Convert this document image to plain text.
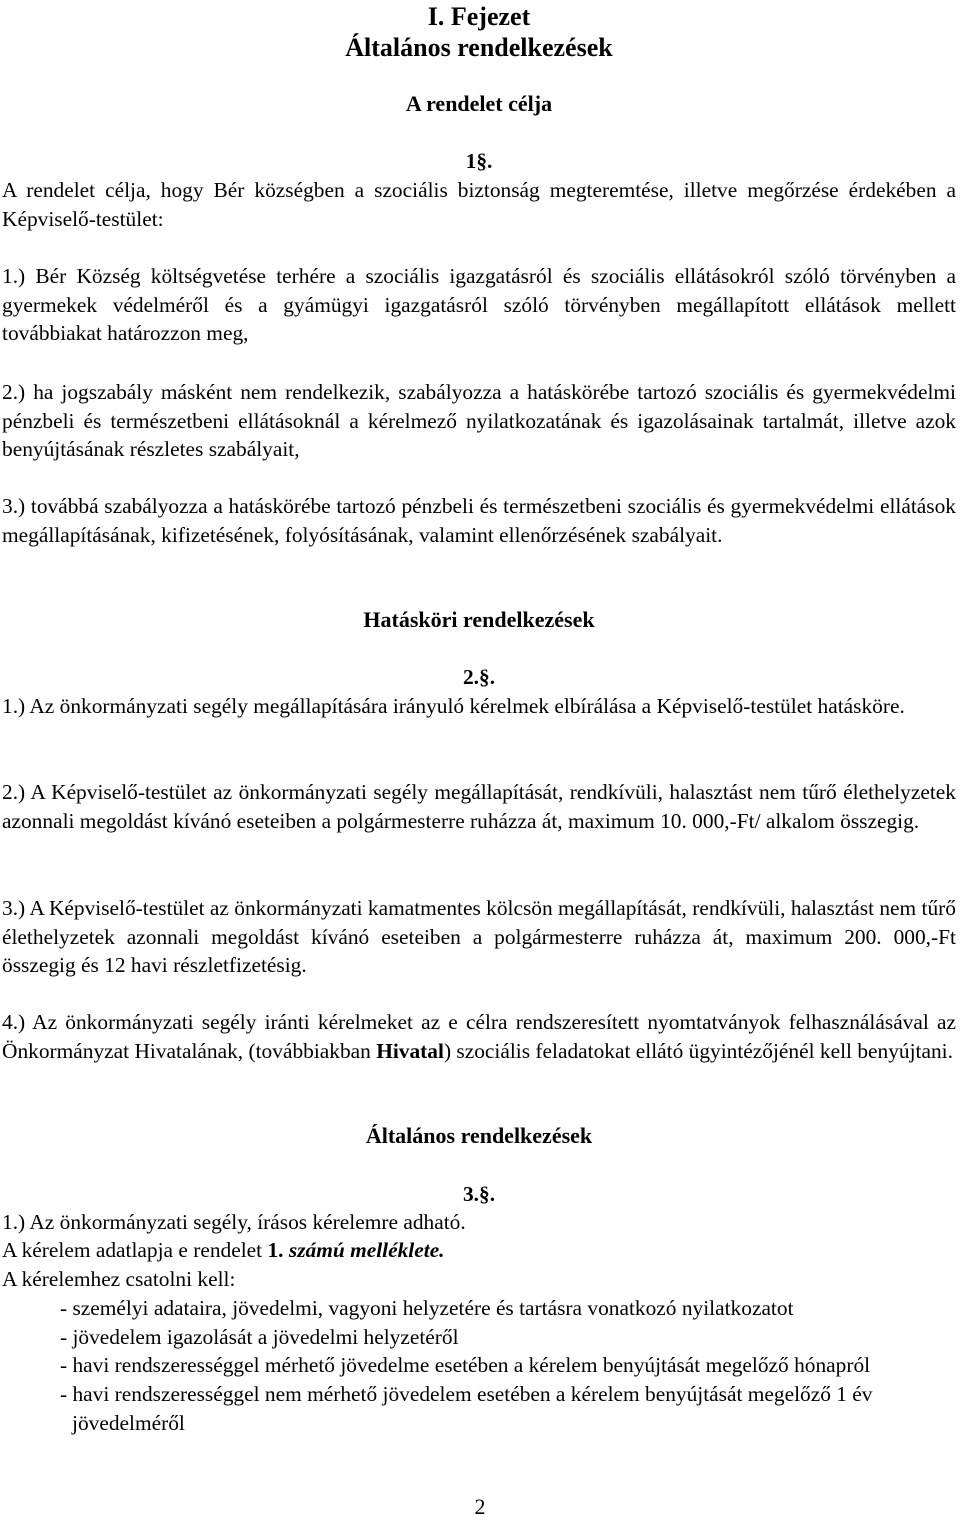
I. Fejezet
Általános rendelkezések
A rendelet célja
1§.

A rendelet célja, hogy Bér községben a szociális biztonság megteremtése, illetve megőrzése érdekében a Képviselő-testület:

1.) Bér Község költségvetése terhére a szociális igazgatásról és szociális ellátásokról szóló törvényben a gyermekek védelméről és a gyámügyi igazgatásról szóló törvényben megállapított ellátások mellett továbbiakat határozzon meg,

2.) ha jogszabály másként nem rendelkezik, szabályozza a hatáskörébe tartozó szociális és gyermekvédelmi pénzbeli és természetbeni ellátásoknál a kérelmező nyilatkozatának és igazolásainak tartalmát, illetve azok benyújtásának részletes szabályait,

3.) továbbá szabályozza a hatáskörébe tartozó pénzbeli és természetbeni szociális és gyermekvédelmi ellátások megállapításának, kifizetésének, folyósításának, valamint ellenőrzésének szabályait.

Hatásköri rendelkezések
2.§.

1.) Az önkormányzati segély megállapítására irányuló kérelmek elbírálása a Képviselő-testület hatásköre.

2.) A Képviselő-testület az önkormányzati segély megállapítását, rendkívüli, halasztást nem tűrő élethelyzetek azonnali megoldást kívánó eseteiben a polgármesterre ruházza át, maximum 10. 000,-Ft/ alkalom összegig.

3.) A Képviselő-testület az önkormányzati kamatmentes kölcsön megállapítását, rendkívüli, halasztást nem tűrő élethelyzetek azonnali megoldást kívánó eseteiben a polgármesterre ruházza át, maximum 200. 000,-Ft összegig és 12 havi részletfizetésig.

4.) Az önkormányzati segély iránti kérelmeket az e célra rendszeresített nyomtatványok felhasználásával az Önkormányzat Hivatalának, (továbbiakban Hivatal) szociális feladatokat ellátó ügyintézőjénél kell benyújtani.

Általános rendelkezések
3.§.
1.) Az önkormányzati segély, írásos kérelemre adható.
A kérelem adatlapja e rendelet 1. számú melléklete.
A kérelemhez csatolni kell:
- személyi adataira, jövedelmi, vagyoni helyzetére és tartásra vonatkozó nyilatkozatot
- jövedelem igazolását a jövedelmi helyzetéről
- havi rendszerességgel mérhető jövedelme esetében a kérelem benyújtását megelőző hónapról
- havi rendszerességgel nem mérhető jövedelem esetében a kérelem benyújtását megelőző 1 év jövedelméről
2
